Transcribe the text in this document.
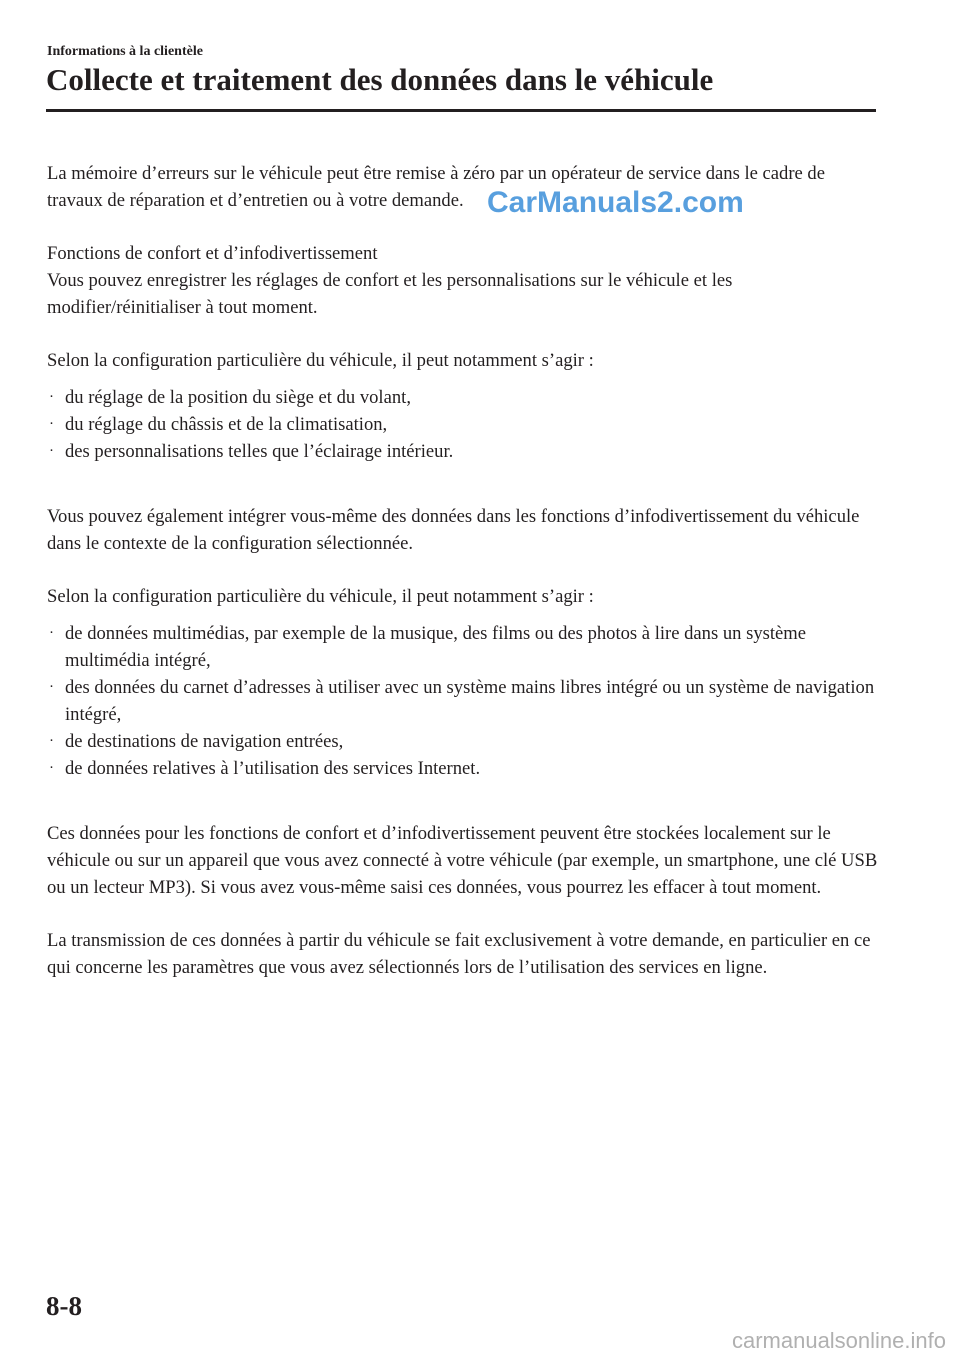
Informations à la clientèle
Collecte et traitement des données dans le véhicule

La mémoire d’erreurs sur le véhicule peut être remise à zéro par un opérateur de service dans le cadre de travaux de réparation et d’entretien ou à votre demande.

Fonctions de confort et d’infodivertissement

Vous pouvez enregistrer les réglages de confort et les personnalisations sur le véhicule et les modifier/réinitialiser à tout moment.

Selon la configuration particulière du véhicule, il peut notamment s’agir :

· du réglage de la position du siège et du volant,
· du réglage du châssis et de la climatisation,
· des personnalisations telles que l’éclairage intérieur.

Vous pouvez également intégrer vous-même des données dans les fonctions d’infodivertissement du véhicule dans le contexte de la configuration sélectionnée.

Selon la configuration particulière du véhicule, il peut notamment s’agir :

· de données multimédias, par exemple de la musique, des films ou des photos à lire dans un système multimédia intégré,
· des données du carnet d’adresses à utiliser avec un système mains libres intégré ou un système de navigation intégré,
· de destinations de navigation entrées,
· de données relatives à l’utilisation des services Internet.

Ces données pour les fonctions de confort et d’infodivertissement peuvent être stockées localement sur le véhicule ou sur un appareil que vous avez connecté à votre véhicule (par exemple, un smartphone, une clé USB ou un lecteur MP3). Si vous avez vous-même saisi ces données, vous pourrez les effacer à tout moment.

La transmission de ces données à partir du véhicule se fait exclusivement à votre demande, en particulier en ce qui concerne les paramètres que vous avez sélectionnés lors de l’utilisation des services en ligne.

CarManuals2.com
8-8
carmanualsonline.info
